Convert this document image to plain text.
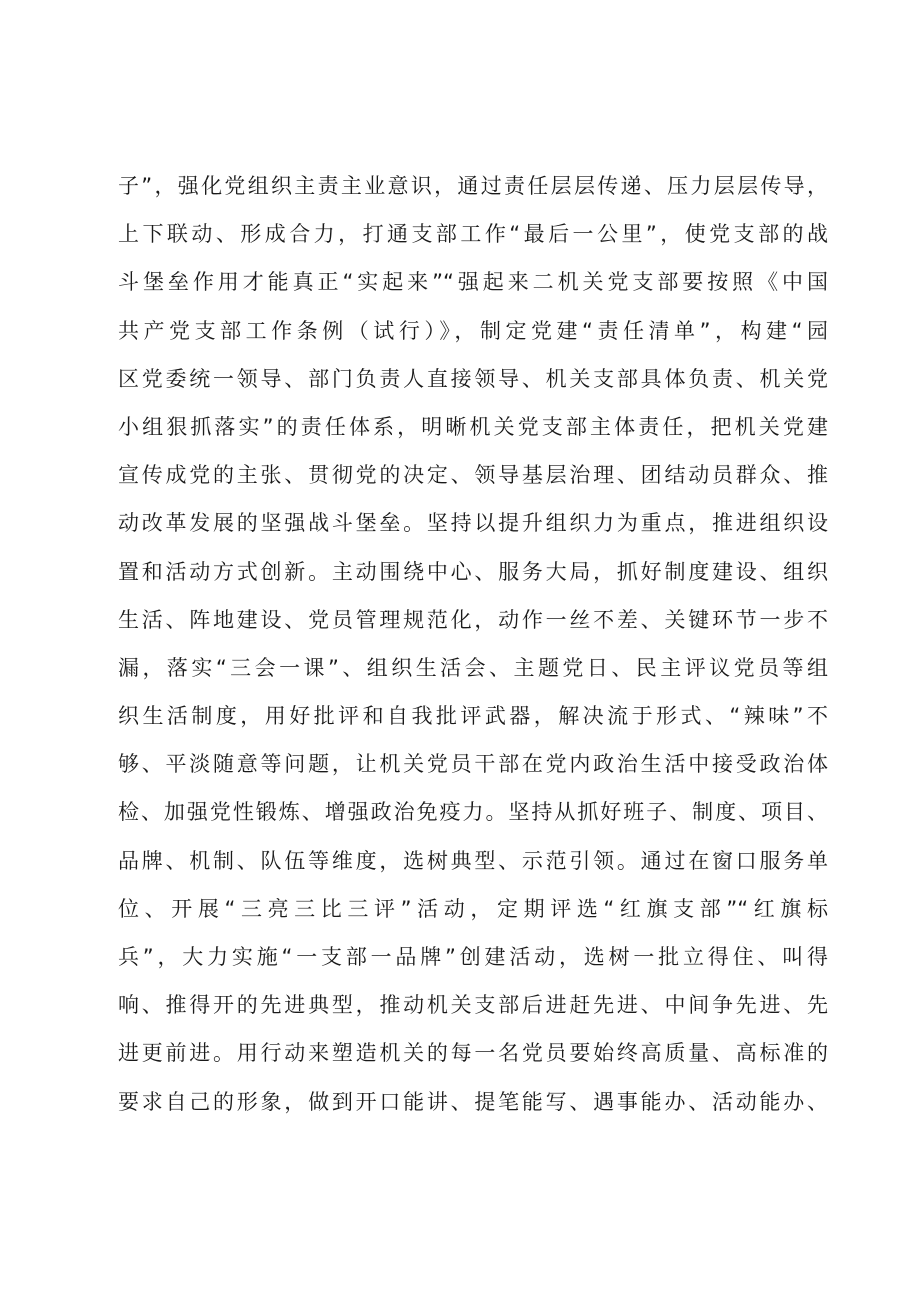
子”，强化党组织主责主业意识，通过责任层层传递、压力层层传导，
上下联动、形成合力，打通支部工作“最后一公里”，使党支部的战
斗堡垒作用才能真正“实起来”“强起来二机关党支部要按照《中国
共产党支部工作条例（试行）》，制定党建“责任清单”，构建“园
区党委统一领导、部门负责人直接领导、机关支部具体负责、机关党
小组狠抓落实”的责任体系，明晰机关党支部主体责任，把机关党建
宣传成党的主张、贯彻党的决定、领导基层治理、团结动员群众、推
动改革发展的坚强战斗堡垒。坚持以提升组织力为重点，推进组织设
置和活动方式创新。主动围绕中心、服务大局，抓好制度建设、组织
生活、阵地建设、党员管理规范化，动作一丝不差、关键环节一步不
漏，落实“三会一课”、组织生活会、主题党日、民主评议党员等组
织生活制度，用好批评和自我批评武器，解决流于形式、“辣味”不
够、平淡随意等问题，让机关党员干部在党内政治生活中接受政治体
检、加强党性锻炼、增强政治免疫力。坚持从抓好班子、制度、项目、
品牌、机制、队伍等维度，选树典型、示范引领。通过在窗口服务单
位、开展“三亮三比三评”活动，定期评选“红旗支部”“红旗标
兵”，大力实施“一支部一品牌”创建活动，选树一批立得住、叫得
响、推得开的先进典型，推动机关支部后进赶先进、中间争先进、先
进更前进。用行动来塑造机关的每一名党员要始终高质量、高标准的
要求自己的形象，做到开口能讲、提笔能写、遇事能办、活动能办、
